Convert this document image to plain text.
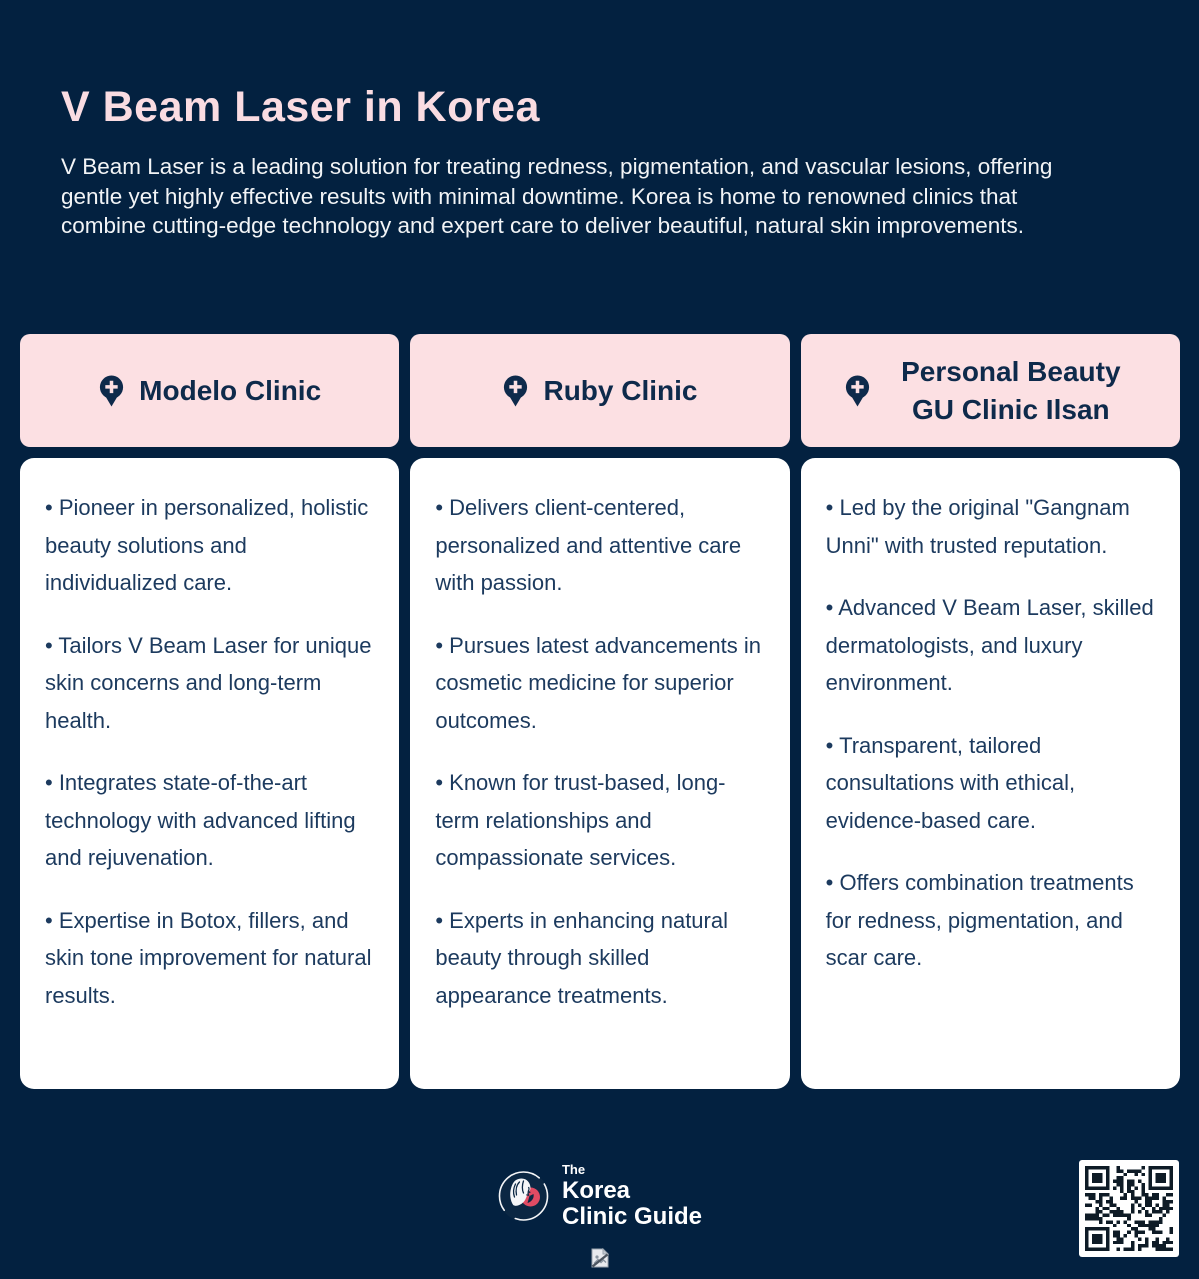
V Beam Laser in Korea

V Beam Laser is a leading solution for treating redness, pigmentation, and vascular lesions, offering gentle yet highly effective results with minimal downtime. Korea is home to renowned clinics that combine cutting-edge technology and expert care to deliver beautiful, natural skin improvements.

Modelo Clinic

• Pioneer in personalized, holistic beauty solutions and individualized care.

• Tailors V Beam Laser for unique skin concerns and long-term health.

• Integrates state-of-the-art technology with advanced lifting and rejuvenation.

• Expertise in Botox, fillers, and skin tone improvement for natural results.

Ruby Clinic

• Delivers client-centered, personalized and attentive care with passion.

• Pursues latest advancements in cosmetic medicine for superior outcomes.

• Known for trust-based, long-term relationships and compassionate services.

• Experts in enhancing natural beauty through skilled appearance treatments.

Personal Beauty GU Clinic Ilsan

• Led by the original "Gangnam Unni" with trusted reputation.

• Advanced V Beam Laser, skilled dermatologists, and luxury environment.

• Transparent, tailored consultations with ethical, evidence-based care.

• Offers combination treatments for redness, pigmentation, and scar care.

The
Korea
Clinic Guide
